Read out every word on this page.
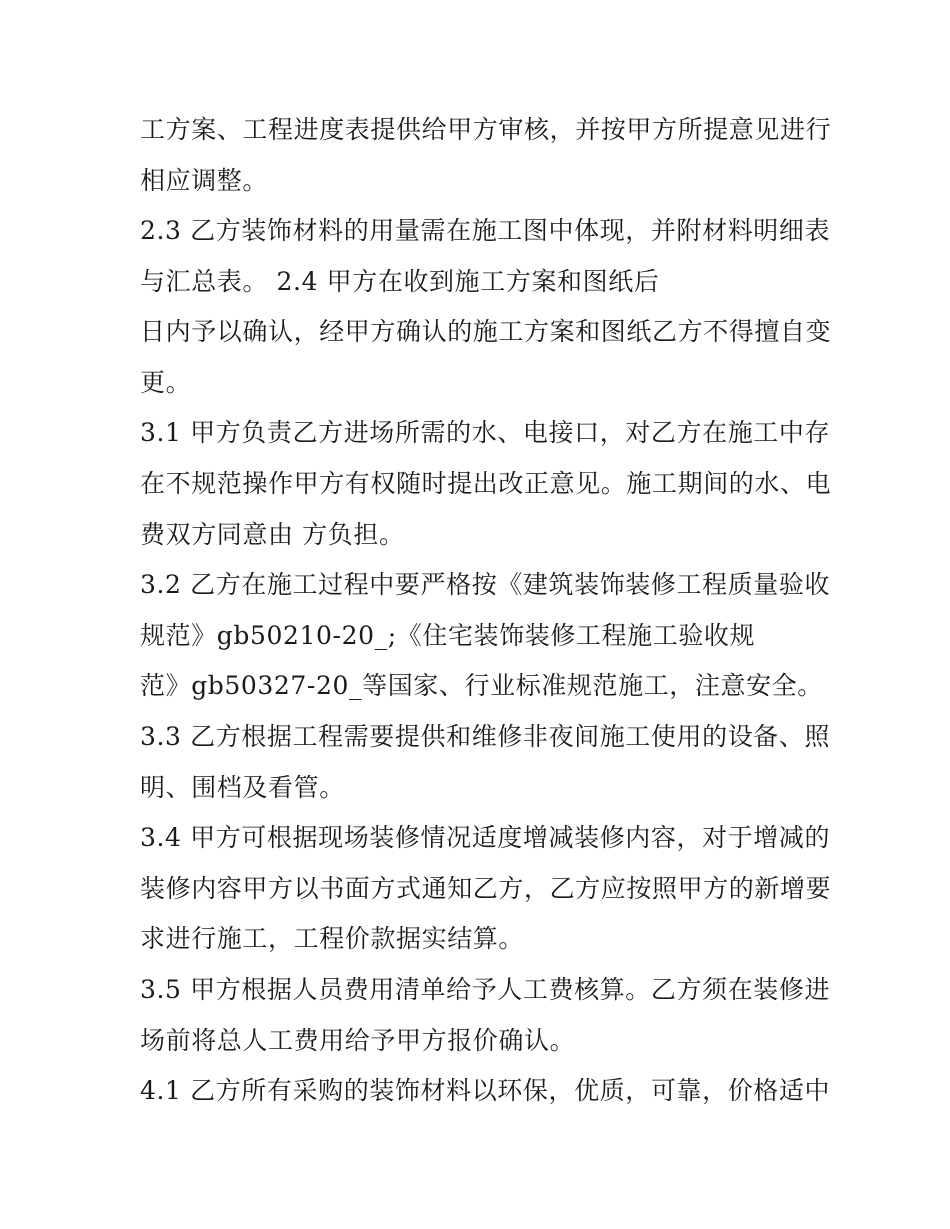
工方案、工程进度表提供给甲方审核，并按甲方所提意见进行
相应调整。
2.3 乙方装饰材料的用量需在施工图中体现，并附材料明细表
与汇总表。 2.4 甲方在收到施工方案和图纸后
日内予以确认，经甲方确认的施工方案和图纸乙方不得擅自变
更。
3.1 甲方负责乙方进场所需的水、电接口，对乙方在施工中存
在不规范操作甲方有权随时提出改正意见。施工期间的水、电
费双方同意由 方负担。
3.2 乙方在施工过程中要严格按《建筑装饰装修工程质量验收
规范》gb50210-20_;《住宅装饰装修工程施工验收规
范》gb50327-20_等国家、行业标准规范施工，注意安全。
3.3 乙方根据工程需要提供和维修非夜间施工使用的设备、照
明、围档及看管。
3.4 甲方可根据现场装修情况适度增减装修内容，对于增减的
装修内容甲方以书面方式通知乙方，乙方应按照甲方的新增要
求进行施工，工程价款据实结算。
3.5 甲方根据人员费用清单给予人工费核算。乙方须在装修进
场前将总人工费用给予甲方报价确认。
4.1 乙方所有采购的装饰材料以环保，优质，可靠，价格适中
